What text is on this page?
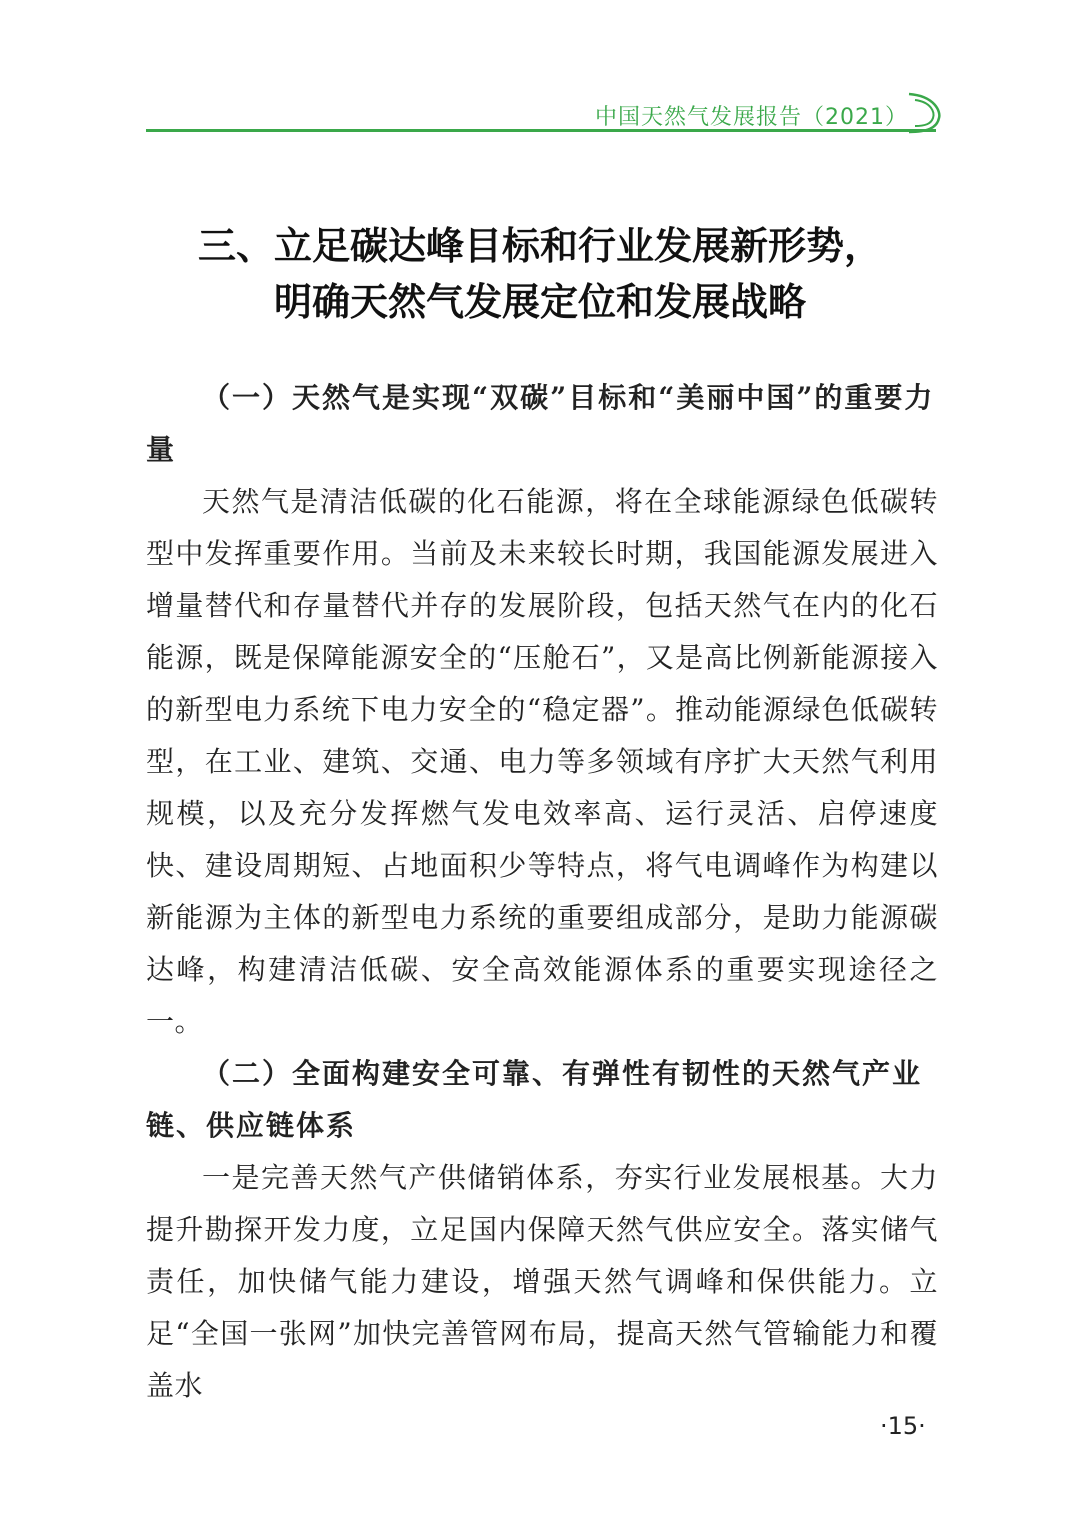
中国天然气发展报告（2021）
三、立足碳达峰目标和行业发展新形势，
明确天然气发展定位和发展战略

（一）天然气是实现“双碳”目标和“美丽中国”的重要力量

天然气是清洁低碳的化石能源，将在全球能源绿色低碳转型中发挥重要作用。当前及未来较长时期，我国能源发展进入增量替代和存量替代并存的发展阶段，包括天然气在内的化石能源，既是保障能源安全的“压舱石”，又是高比例新能源接入的新型电力系统下电力安全的“稳定器”。推动能源绿色低碳转型，在工业、建筑、交通、电力等多领域有序扩大天然气利用规模，以及充分发挥燃气发电效率高、运行灵活、启停速度快、建设周期短、占地面积少等特点，将气电调峰作为构建以新能源为主体的新型电力系统的重要组成部分，是助力能源碳达峰，构建清洁低碳、安全高效能源体系的重要实现途径之一。

（二）全面构建安全可靠、有弹性有韧性的天然气产业链、供应链体系

一是完善天然气产供储销体系，夯实行业发展根基。大力提升勘探开发力度，立足国内保障天然气供应安全。落实储气责任，加快储气能力建设，增强天然气调峰和保供能力。立足“全国一张网”加快完善管网布局，提高天然气管输能力和覆盖水

·15·
